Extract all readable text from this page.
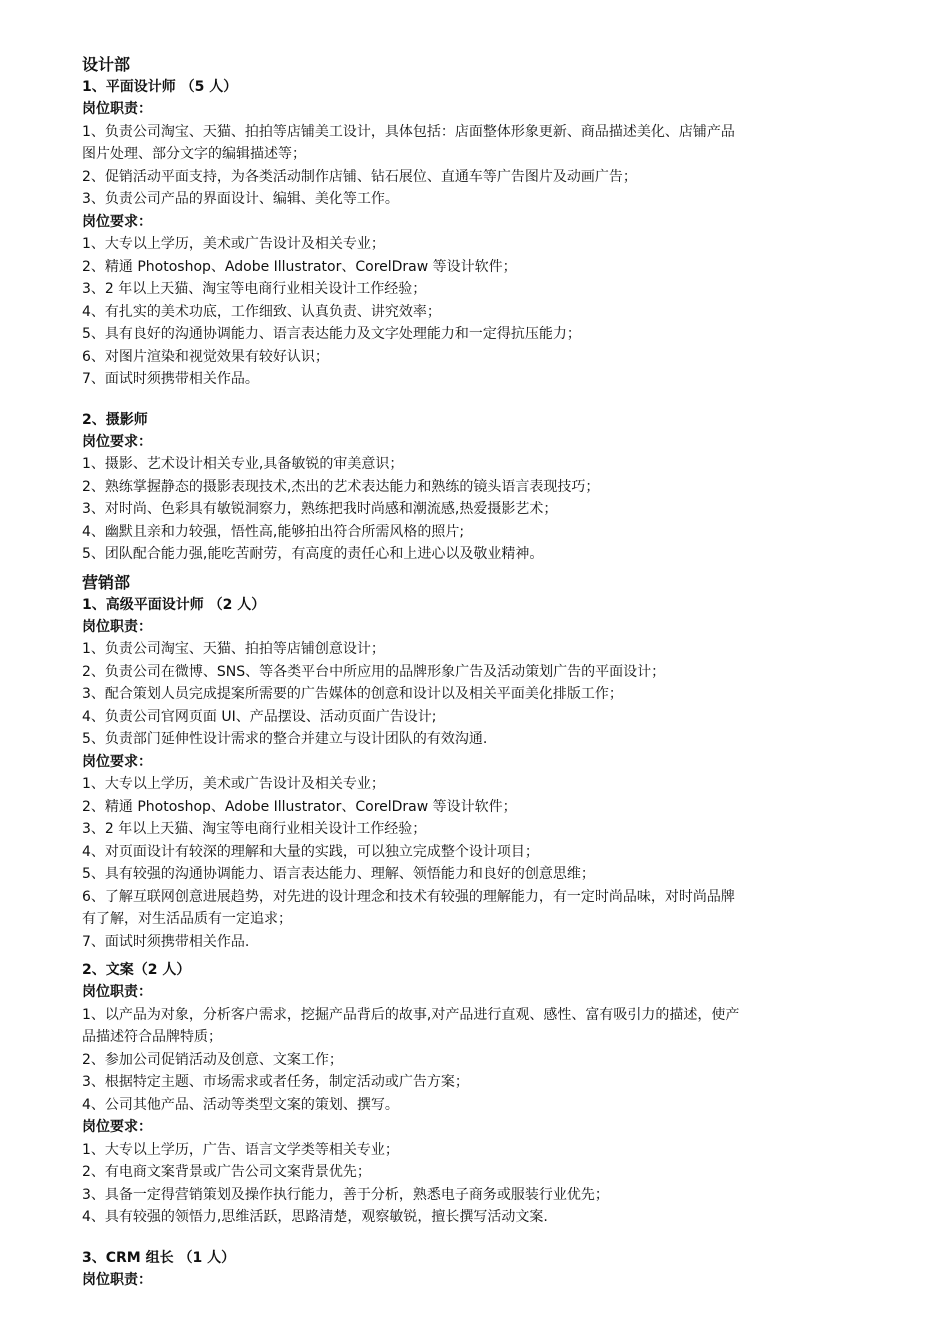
设计部
1、平面设计师 （5 人）
岗位职责：
1、负责公司淘宝、天猫、拍拍等店铺美工设计，具体包括：店面整体形象更新、商品描述美化、店铺产品
图片处理、部分文字的编辑描述等；
2、促销活动平面支持，为各类活动制作店铺、钻石展位、直通车等广告图片及动画广告；
3、负责公司产品的界面设计、编辑、美化等工作。
岗位要求：
1、大专以上学历，美术或广告设计及相关专业；
2、精通 Photoshop、Adobe Illustrator、CorelDraw 等设计软件；
3、2 年以上天猫、淘宝等电商行业相关设计工作经验；
4、有扎实的美术功底，工作细致、认真负责、讲究效率；
5、具有良好的沟通协调能力、语言表达能力及文字处理能力和一定得抗压能力；
6、对图片渲染和视觉效果有较好认识；
7、面试时须携带相关作品。
2、摄影师
岗位要求：
1、摄影、艺术设计相关专业,具备敏锐的审美意识；
2、熟练掌握静态的摄影表现技术,杰出的艺术表达能力和熟练的镜头语言表现技巧；
3、对时尚、色彩具有敏锐洞察力，熟练把我时尚感和潮流感,热爱摄影艺术；
4、幽默且亲和力较强，悟性高,能够拍出符合所需风格的照片;
5、团队配合能力强,能吃苦耐劳，有高度的责任心和上进心以及敬业精神。
营销部
1、高级平面设计师 （2 人）
岗位职责：
1、负责公司淘宝、天猫、拍拍等店铺创意设计；
2、负责公司在微博、SNS、等各类平台中所应用的品牌形象广告及活动策划广告的平面设计；
3、配合策划人员完成提案所需要的广告媒体的创意和设计以及相关平面美化排版工作；
4、负责公司官网页面 UI、产品摆设、活动页面广告设计;
5、负责部门延伸性设计需求的整合并建立与设计团队的有效沟通.
岗位要求：
1、大专以上学历，美术或广告设计及相关专业；
2、精通 Photoshop、Adobe Illustrator、CorelDraw 等设计软件；
3、2 年以上天猫、淘宝等电商行业相关设计工作经验；
4、对页面设计有较深的理解和大量的实践，可以独立完成整个设计项目；
5、具有较强的沟通协调能力、语言表达能力、理解、领悟能力和良好的创意思维；
6、了解互联网创意进展趋势，对先进的设计理念和技术有较强的理解能力，有一定时尚品味，对时尚品牌
有了解，对生活品质有一定追求；
7、面试时须携带相关作品.
2、文案（2 人）
岗位职责：
1、以产品为对象，分析客户需求，挖掘产品背后的故事,对产品进行直观、感性、富有吸引力的描述，使产
品描述符合品牌特质；
2、参加公司促销活动及创意、文案工作；
3、根据特定主题、市场需求或者任务，制定活动或广告方案；
4、公司其他产品、活动等类型文案的策划、撰写。
岗位要求：
1、大专以上学历，广告、语言文学类等相关专业；
2、有电商文案背景或广告公司文案背景优先；
3、具备一定得营销策划及操作执行能力，善于分析，熟悉电子商务或服装行业优先；
4、具有较强的领悟力,思维活跃，思路清楚，观察敏锐，擅长撰写活动文案.
3、CRM 组长 （1 人）
岗位职责：
